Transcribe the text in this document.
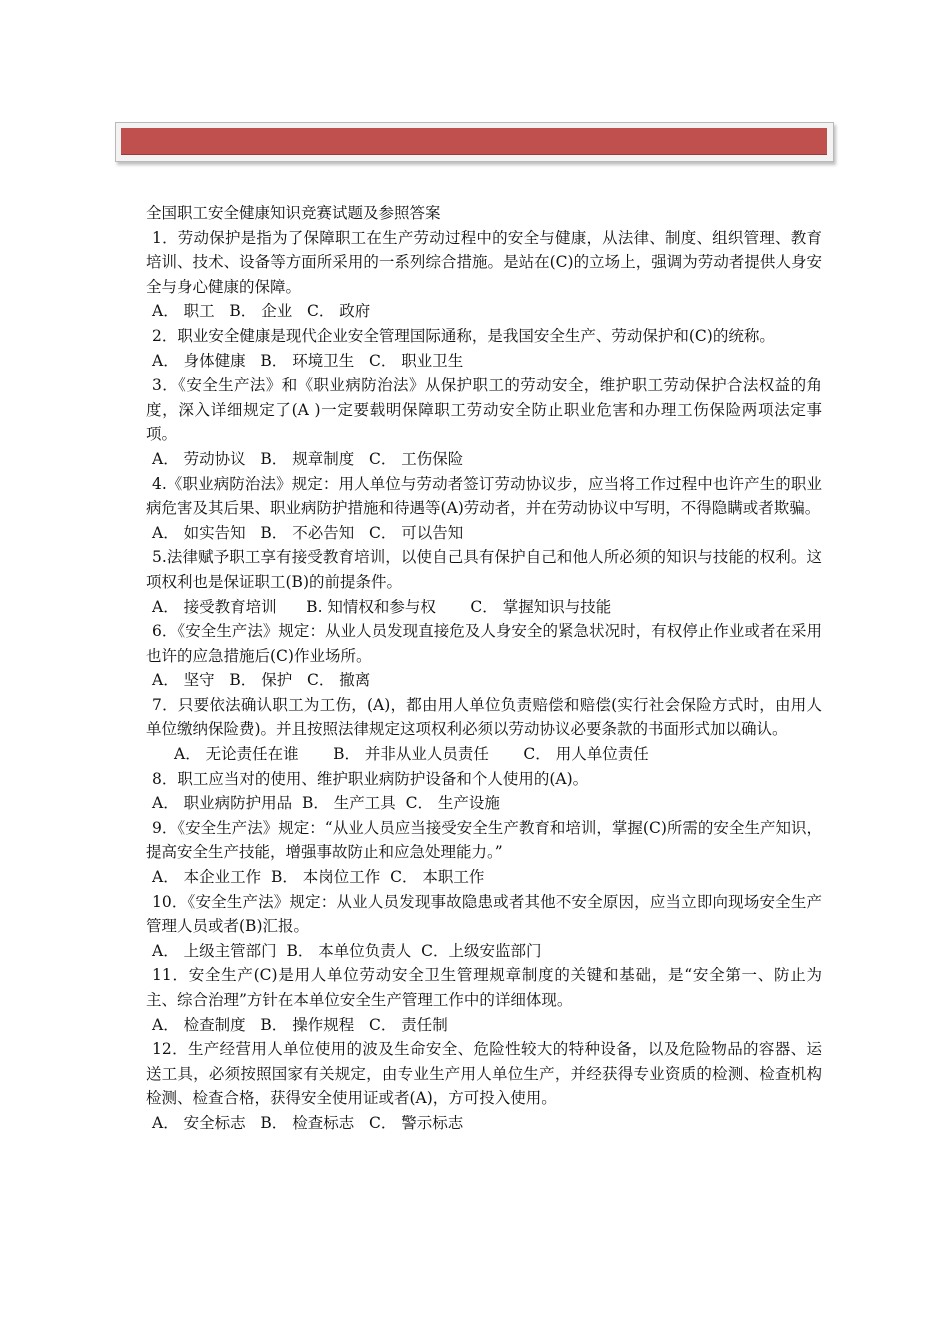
全国职工安全健康知识竞赛试题及参照答案

1．劳动保护是指为了保障职工在生产劳动过程中的安全与健康，从法律、制度、组织管理、教育培训、技术、设备等方面所采用的一系列综合措施。是站在(C)的立场上，强调为劳动者提供人身安全与身心健康的保障。

A． 职工   B． 企业   C． 政府

2．职业安全健康是现代企业安全管理国际通称，是我国安全生产、劳动保护和(C)的统称。

A． 身体健康   B． 环境卫生   C． 职业卫生

3．《安全生产法》和《职业病防治法》从保护职工的劳动安全，维护职工劳动保护合法权益的角度，深入详细规定了(A )一定要载明保障职工劳动安全防止职业危害和办理工伤保险两项法定事项。

A． 劳动协议   B． 规章制度   C． 工伤保险

4.《职业病防治法》规定：用人单位与劳动者签订劳动协议步，应当将工作过程中也许产生的职业病危害及其后果、职业病防护措施和待遇等(A)劳动者，并在劳动协议中写明，不得隐瞒或者欺骗。

A． 如实告知   B． 不必告知   C． 可以告知

5.法律赋予职工享有接受教育培训，以使自己具有保护自己和他人所必须的知识与技能的权利。这项权利也是保证职工(B)的前提条件。

A． 接受教育培训      B. 知情权和参与权       C． 掌握知识与技能

6．《安全生产法》规定：从业人员发现直接危及人身安全的紧急状况时，有权停止作业或者在采用也许的应急措施后(C)作业场所。

A． 坚守   B． 保护   C． 撤离

7．只要依法确认职工为工伤，(A)，都由用人单位负责赔偿和赔偿(实行社会保险方式时，由用人单位缴纳保险费)。并且按照法律规定这项权利必须以劳动协议必要条款的书面形式加以确认。

A． 无论责任在谁       B． 并非从业人员责任       C． 用人单位责任

8．职工应当对的使用、维护职业病防护设备和个人使用的(A)。

A． 职业病防护用品  B． 生产工具  C． 生产设施

9．《安全生产法》规定：“从业人员应当接受安全生产教育和培训，掌握(C)所需的安全生产知识，提高安全生产技能，增强事故防止和应急处理能力。”

A． 本企业工作  B． 本岗位工作  C． 本职工作

10．《安全生产法》规定：从业人员发现事故隐患或者其他不安全原因，应当立即向现场安全生产管理人员或者(B)汇报。

A． 上级主管部门  B． 本单位负责人  C．上级安监部门

11．安全生产(C)是用人单位劳动安全卫生管理规章制度的关键和基础，是“安全第一、防止为主、综合治理”方针在本单位安全生产管理工作中的详细体现。

A． 检查制度   B． 操作规程   C． 责任制

12．生产经营用人单位使用的波及生命安全、危险性较大的特种设备，以及危险物品的容器、运送工具，必须按照国家有关规定，由专业生产用人单位生产，并经获得专业资质的检测、检查机构检测、检查合格，获得安全使用证或者(A)，方可投入使用。

A． 安全标志   B． 检查标志   C． 警示标志
